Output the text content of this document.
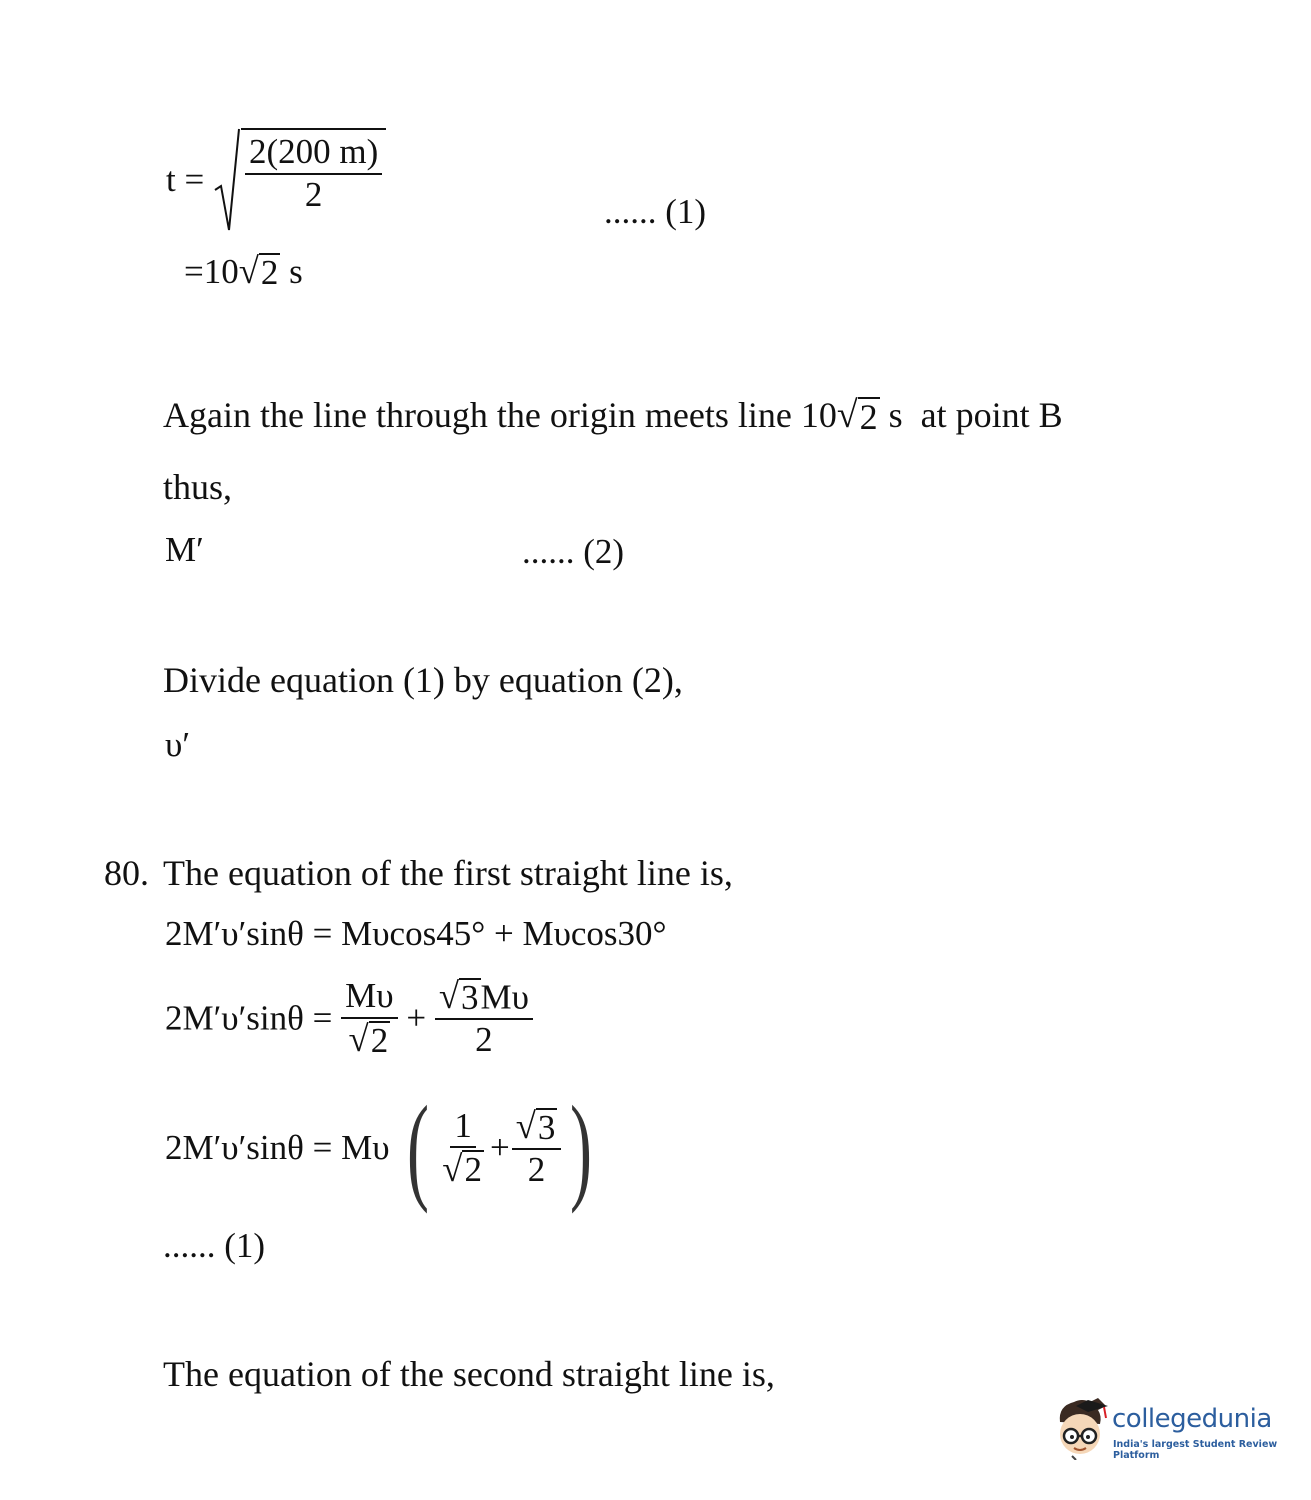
$t = \frac{2(200 m)}{2}$	...... (1)
=10 √ 2 s
Again the line through the origin meets line 10 √ 2 s  at point B
thus,
M′	...... (2)
Divide equation (1) by equation (2),
υ′
80. The equation of the first straight line is,
2M′υ′sinθ = Mυcos45° + Mυcos30°
$2M'\upsilon'\sin\theta = \frac{M\upsilon}{√ 2} + \frac{√ 3 M\upsilon}{2}$
2M′υ′sinθ = Mυ ( $\frac{1}{√ 2} + \frac{√ 3}{2}$ )
...... (1)
The equation of the second straight line is,
collegedunia
India's largest Student Review Platform
